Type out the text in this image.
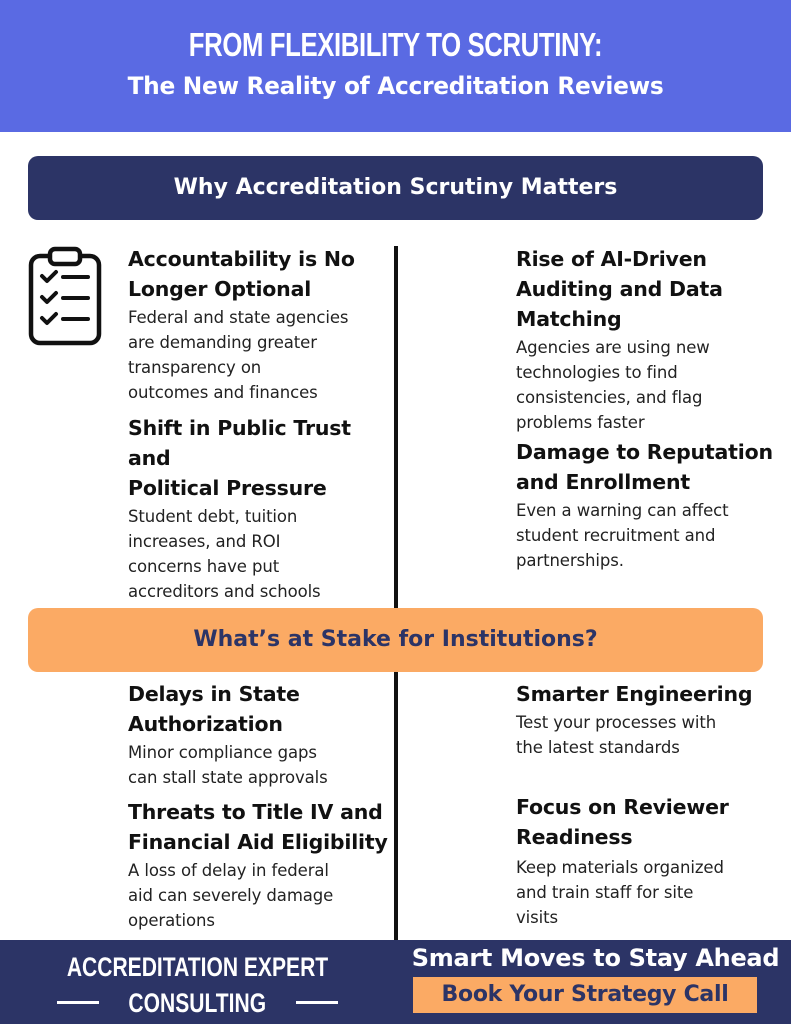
FROM FLEXIBILITY TO SCRUTINY:
The New Reality of Accreditation Reviews
Why Accreditation Scrutiny Matters
Accountability is No
Longer Optional
Federal and state agencies
are demanding greater
transparency on
outcomes and finances
Shift in Public Trust and
Political Pressure
Student debt, tuition
increases, and ROI
concerns have put
accreditors and schools
Rise of AI-Driven
Auditing and Data
Matching
Agencies are using new
technologies to find
consistencies, and flag
problems faster
Damage to Reputation
and Enrollment
Even a warning can affect
student recruitment and
partnerships.
What’s at Stake for Institutions?
Delays in State
Authorization
Minor compliance gaps
can stall state approvals
Threats to Title IV and
Financial Aid Eligibility
A loss of delay in federal
aid can severely damage
operations
Smarter Engineering
Test your processes with
the latest standards
Focus on Reviewer
Readiness
Keep materials organized
and train staff for site
visits
ACCREDITATION EXPERT
CONSULTING
Smart Moves to Stay Ahead
Book Your Strategy Call
